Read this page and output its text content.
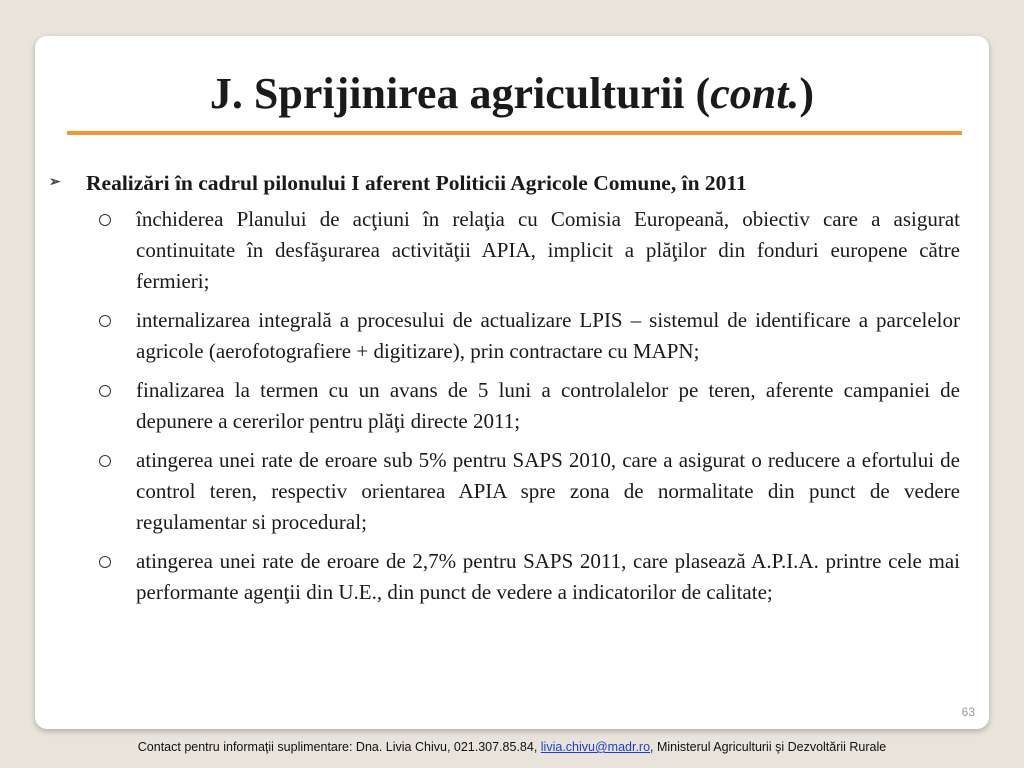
J. Sprijinirea agriculturii (cont.)
➢ Realizări în cadrul pilonului I aferent Politicii Agricole Comune, în 2011
închiderea Planului de acţiuni în relaţia cu Comisia Europeană, obiectiv care a asigurat continuitate în desfăşurarea activităţii APIA, implicit a plăţilor din fonduri europene către fermieri;
internalizarea integrală a procesului de actualizare LPIS – sistemul de identificare a parcelelor agricole (aerofotografiere + digitizare), prin contractare cu MAPN;
finalizarea la termen cu un avans de 5 luni a controlalelor pe teren, aferente campaniei de depunere a cererilor pentru plăţi directe 2011;
atingerea unei rate de eroare sub 5% pentru SAPS 2010, care a asigurat o reducere a efortului de control teren, respectiv orientarea APIA spre zona de normalitate din punct de vedere regulamentar si procedural;
atingerea unei rate de eroare de 2,7% pentru SAPS 2011, care plasează A.P.I.A. printre cele mai performante agenţii din U.E., din punct de vedere a indicatorilor de calitate;
63
Contact pentru informaţii suplimentare: Dna. Livia Chivu, 021.307.85.84, livia.chivu@madr.ro, Ministerul Agriculturii şi Dezvoltării Rurale
